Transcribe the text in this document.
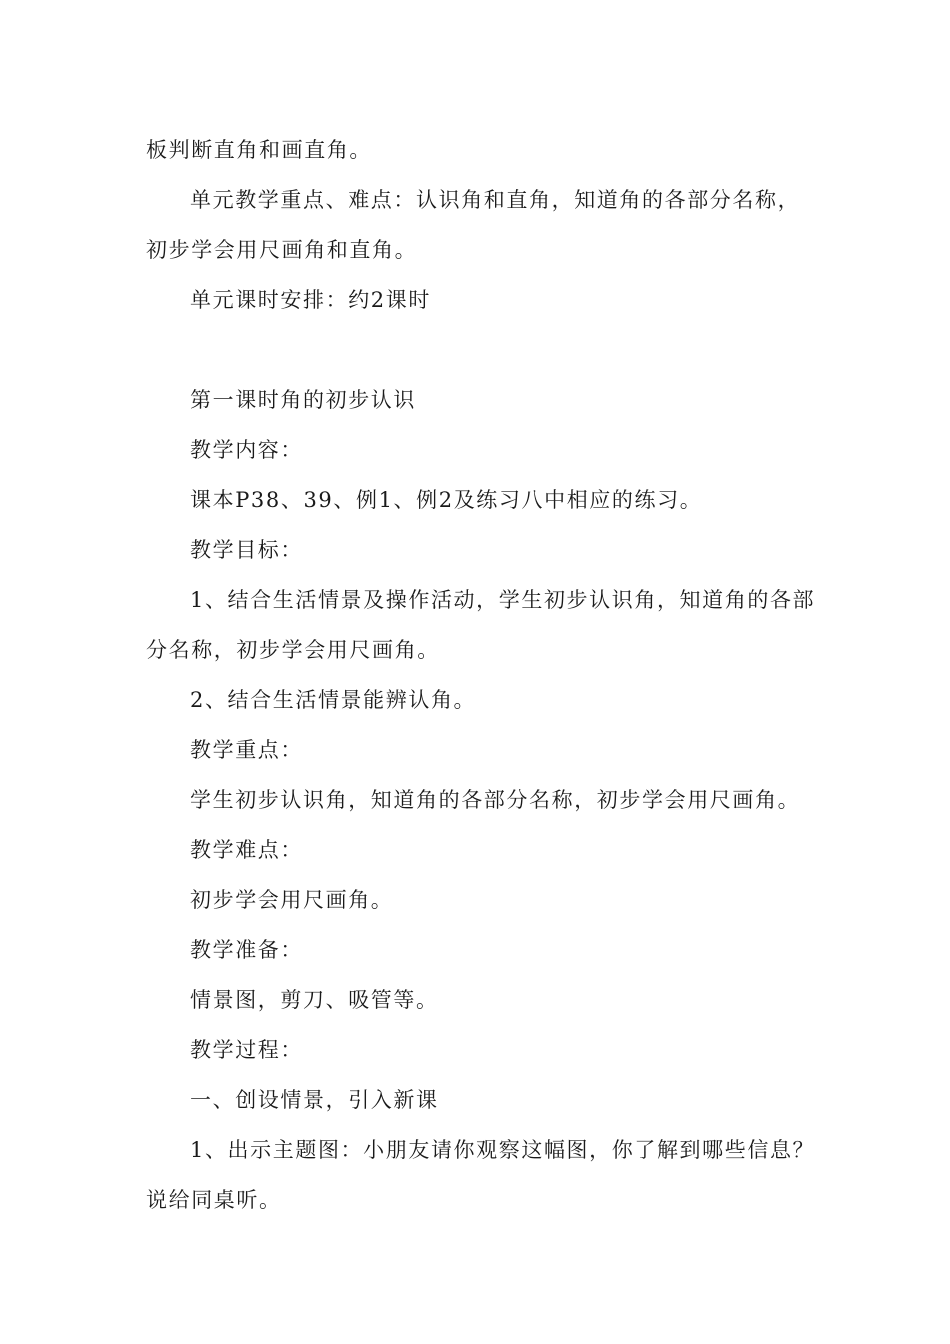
板判断直角和画直角。
单元教学重点、难点：认识角和直角，知道角的各部分名称，
初步学会用尺画角和直角。
单元课时安排：约2课时
第一课时角的初步认识
教学内容：
课本P38、39、例1、例2及练习八中相应的练习。
教学目标：
1、结合生活情景及操作活动，学生初步认识角，知道角的各部
分名称，初步学会用尺画角。
2、结合生活情景能辨认角。
教学重点：
学生初步认识角，知道角的各部分名称，初步学会用尺画角。
教学难点：
初步学会用尺画角。
教学准备：
情景图，剪刀、吸管等。
教学过程：
一、创设情景，引入新课
1、出示主题图：小朋友请你观察这幅图，你了解到哪些信息？
说给同桌听。
